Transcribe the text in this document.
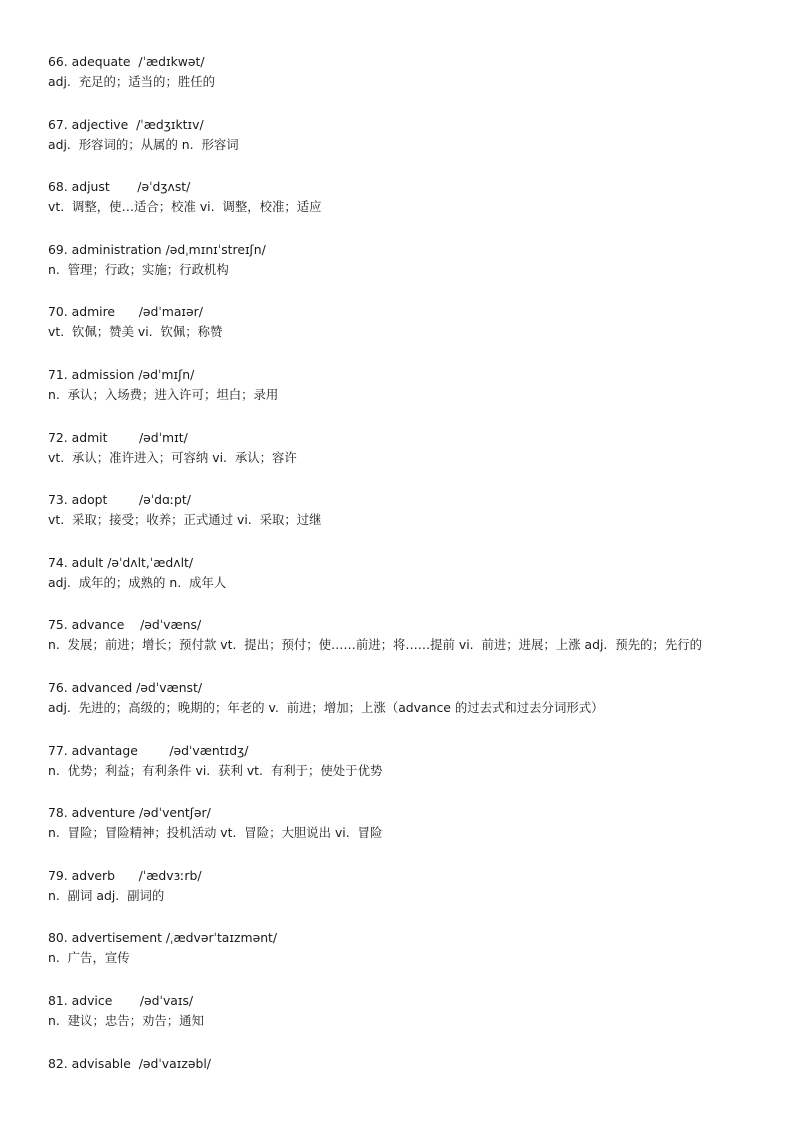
66. adequate  /ˈædɪkwət/
adj.  充足的；适当的；胜任的
67. adjective  /ˈædʒɪktɪv/
adj.  形容词的；从属的 n.  形容词
68. adjust       /əˈdʒʌst/
vt.  调整，使…适合；校准 vi.  调整，校准；适应
69. administration /ədˌmɪnɪˈstreɪʃn/
n.  管理；行政；实施；行政机构
70. admire      /ədˈmaɪər/
vt.  钦佩；赞美 vi.  钦佩；称赞
71. admission /ədˈmɪʃn/
n.  承认；入场费；进入许可；坦白；录用
72. admit        /ədˈmɪt/
vt.  承认；准许进入；可容纳 vi.  承认；容许
73. adopt        /əˈdɑːpt/
vt.  采取；接受；收养；正式通过 vi.  采取；过继
74. adult /əˈdʌlt,ˈædʌlt/
adj.  成年的；成熟的 n.  成年人
75. advance    /ədˈvæns/
n.  发展；前进；增长；预付款 vt.  提出；预付；使……前进；将……提前 vi.  前进；进展；上涨 adj.  预先的；先行的
76. advanced /ədˈvænst/
adj.  先进的；高级的；晚期的；年老的 v.  前进；增加；上涨（advance 的过去式和过去分词形式）
77. advantage        /ədˈvæntɪdʒ/
n.  优势；利益；有利条件 vi.  获利 vt.  有利于；使处于优势
78. adventure /ədˈventʃər/
n.  冒险；冒险精神；投机活动 vt.  冒险；大胆说出 vi.  冒险
79. adverb      /ˈædvɜːrb/
n.  副词 adj.  副词的
80. advertisement /ˌædvərˈtaɪzmənt/
n.  广告，宣传
81. advice       /ədˈvaɪs/
n.  建议；忠告；劝告；通知
82. advisable  /ədˈvaɪzəbl/
